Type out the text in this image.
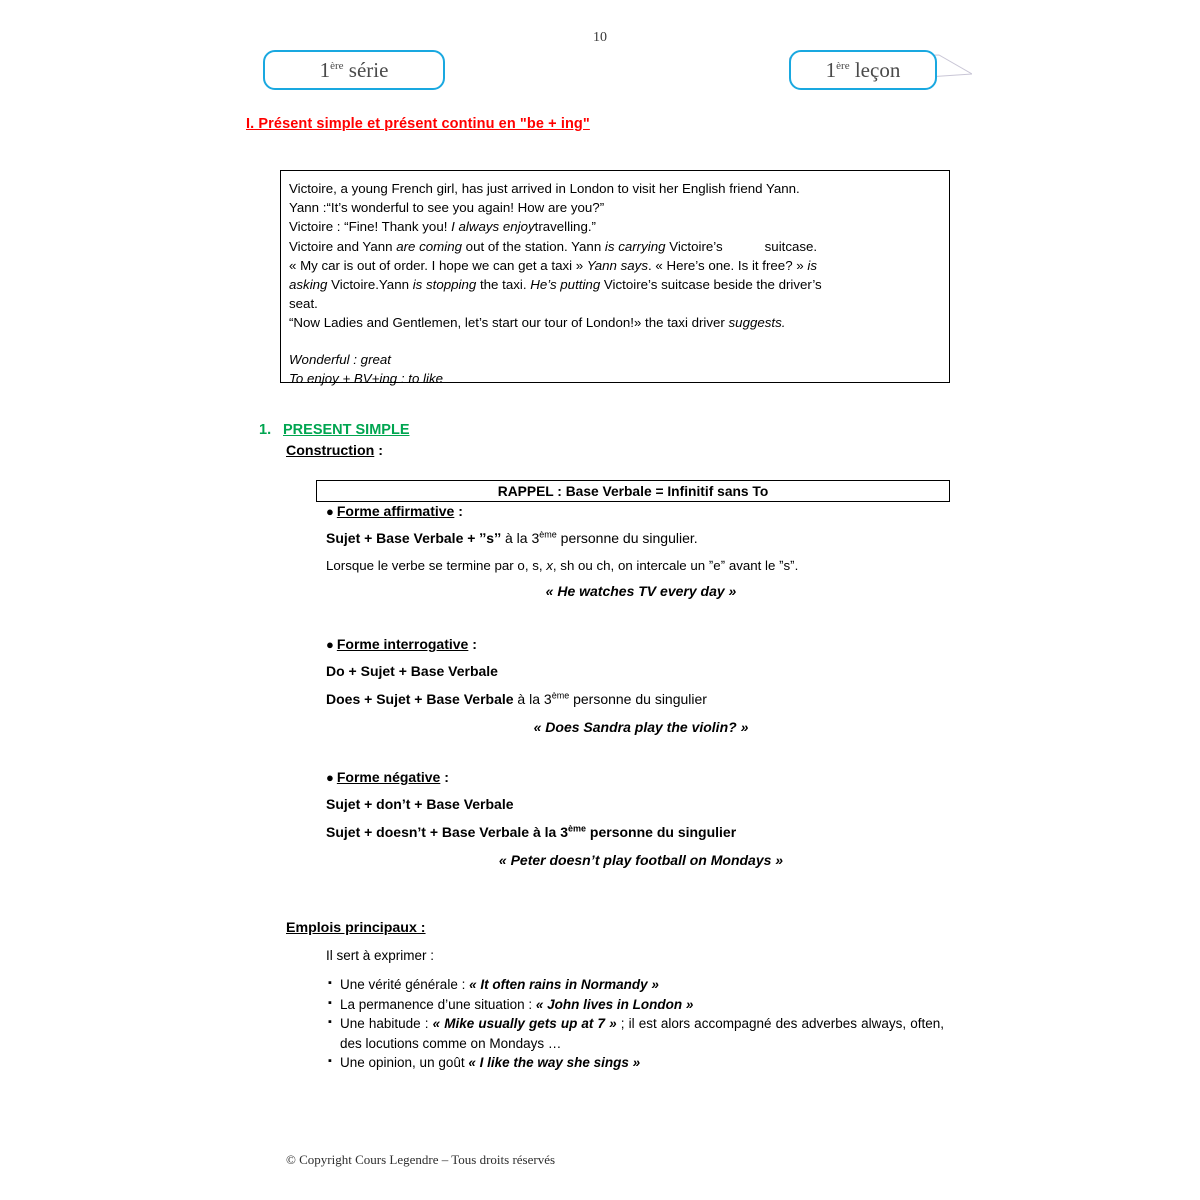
10
1ère série	1ère leçon
I. Présent simple et présent continu en "be + ing"

Victoire, a young French girl, has just arrived in London to visit her English friend Yann.

Yann :“It’s wonderful to see you again! How are you?”

Victoire : “Fine! Thank you! I always enjoytravelling.”

Victoire and Yann are coming out of the station. Yann is carrying Victoire’s	suitcase.

« My car is out of order. I hope we can get a taxi » Yann says. « Here’s one. Is it free? » is

asking Victoire.Yann is stopping the taxi. He’s putting Victoire’s suitcase beside the driver’s

seat.

“Now Ladies and Gentlemen, let’s start our tour of London!» the taxi driver suggests.

Wonderful : great

To enjoy + BV+ing : to like

1. PRESENT SIMPLE
Construction :
RAPPEL : Base Verbale = Infinitif sans To
● Forme affirmative :
Sujet + Base Verbale + ˮsˮ à la 3ème personne du singulier.
Lorsque le verbe se termine par o, s, x, sh ou ch, on intercale un ˮeˮ avant le ˮsˮ.
« He watches TV every day »
● Forme interrogative :
Do + Sujet + Base Verbale
Does + Sujet + Base Verbale à la 3ème personne du singulier
« Does Sandra play the violin? »
● Forme négative :
Sujet + don’t + Base Verbale
Sujet + doesn’t + Base Verbale à la 3ème personne du singulier
« Peter doesn’t play football on Mondays »
Emplois principaux :
Il sert à exprimer :
▪ Une vérité générale : « It often rains in Normandy »
▪ La permanence d’une situation : « John lives in London »
▪ Une habitude : « Mike usually gets up at 7 » ; il est alors accompagné des adverbes always, often, des locutions comme on Mondays …
▪ Une opinion, un goût « I like the way she sings »
© Copyright Cours Legendre – Tous droits réservés
